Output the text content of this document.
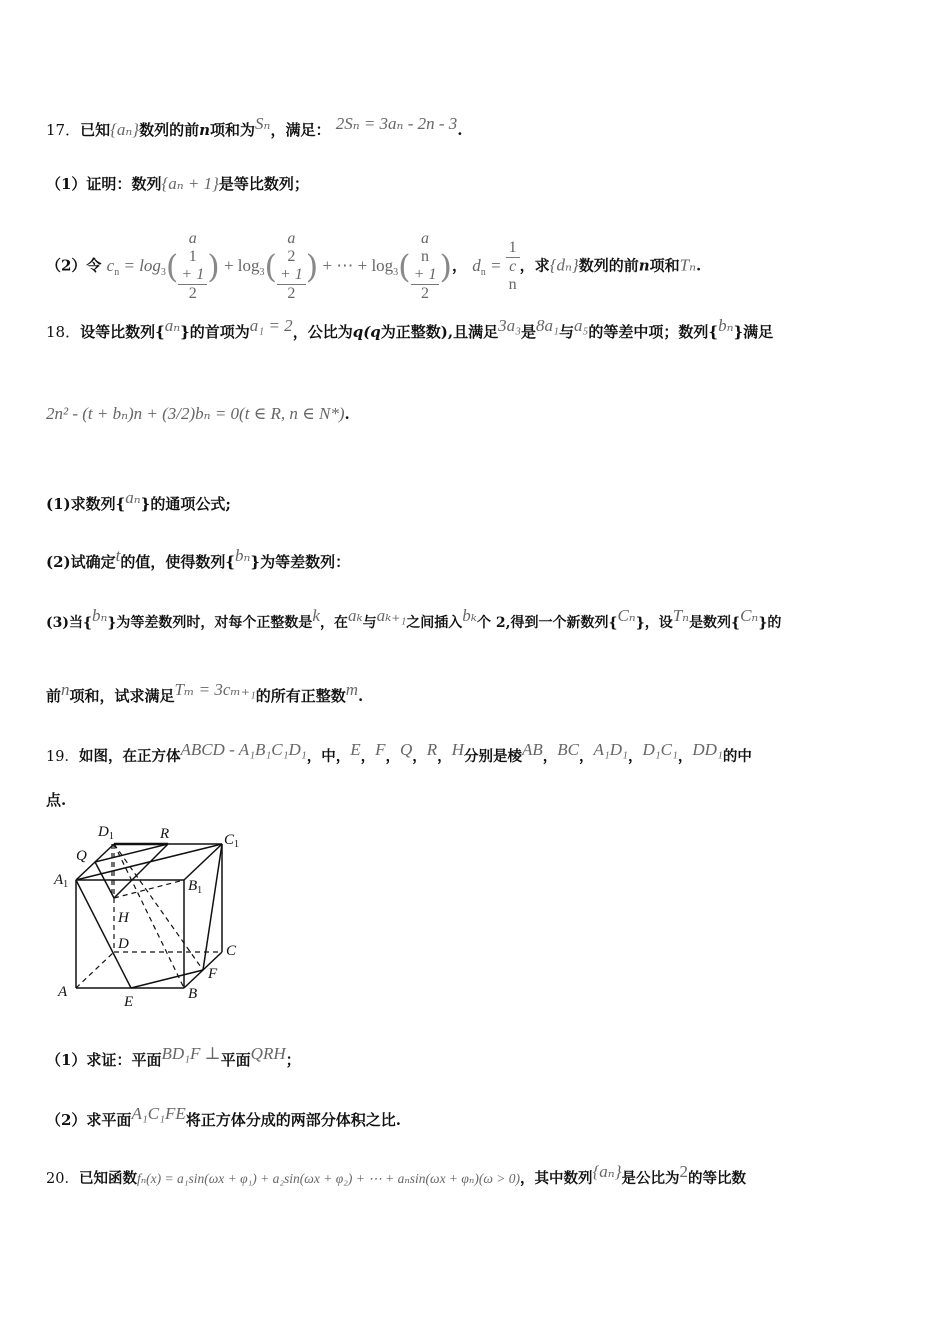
17．已知{aₙ}数列的前n项和为Sₙ，满足： 2Sₙ = 3aₙ - 2n - 3.
（1）证明：数列{aₙ + 1}是等比数列；
（2）令 $c_n = \log_3$( a
1
+ 1
2 ) + $\log_3$( a
2
+ 1
2 ) + ⋯ + $\log_3$( a
n
+ 1
2 )， $d_n = 1$
c
n ，求{dₙ}数列的前n项和Tₙ.
18．设等比数列{aₙ}的首项为a₁ = 2，公比为q(q为正整数),且满足3a₃是8a₁与a₅的等差中项；数列{bₙ}满足
2n² - (t + bₙ)n + (3/2)bₙ = 0(t ∈ R, n ∈ N*).
(1)求数列{aₙ}的通项公式;
(2)试确定t的值，使得数列{bₙ}为等差数列：
(3)当{bₙ}为等差数列时，对每个正整数是k，在aₖ与aₖ₊₁之间插入bₖ个 2,得到一个新数列{Cₙ}，设Tₙ是数列{Cₙ}的
前n项和，试求满足Tₘ = 3cₘ₊₁的所有正整数m.
19．如图，在正方体ABCD - A₁B₁C₁D₁，中，E，F，Q，R，H分别是棱AB，BC，A₁D₁，D₁C₁，DD₁的中
点.
$D_1$	R	$C_1$
Q
$A_1$	$B_1$
H
D	C
F
A
E	B
（1）求证：平面BD₁F ⊥平面QRH；
（2）求平面A₁C₁FE将正方体分成的两部分体积之比.
20．已知函数fₙ(x) = a₁sin(ωx + φ₁) + a₂sin(ωx + φ₂) + ⋯ + aₙsin(ωx + φₙ)(ω > 0)，其中数列{aₙ}是公比为2的等比数
